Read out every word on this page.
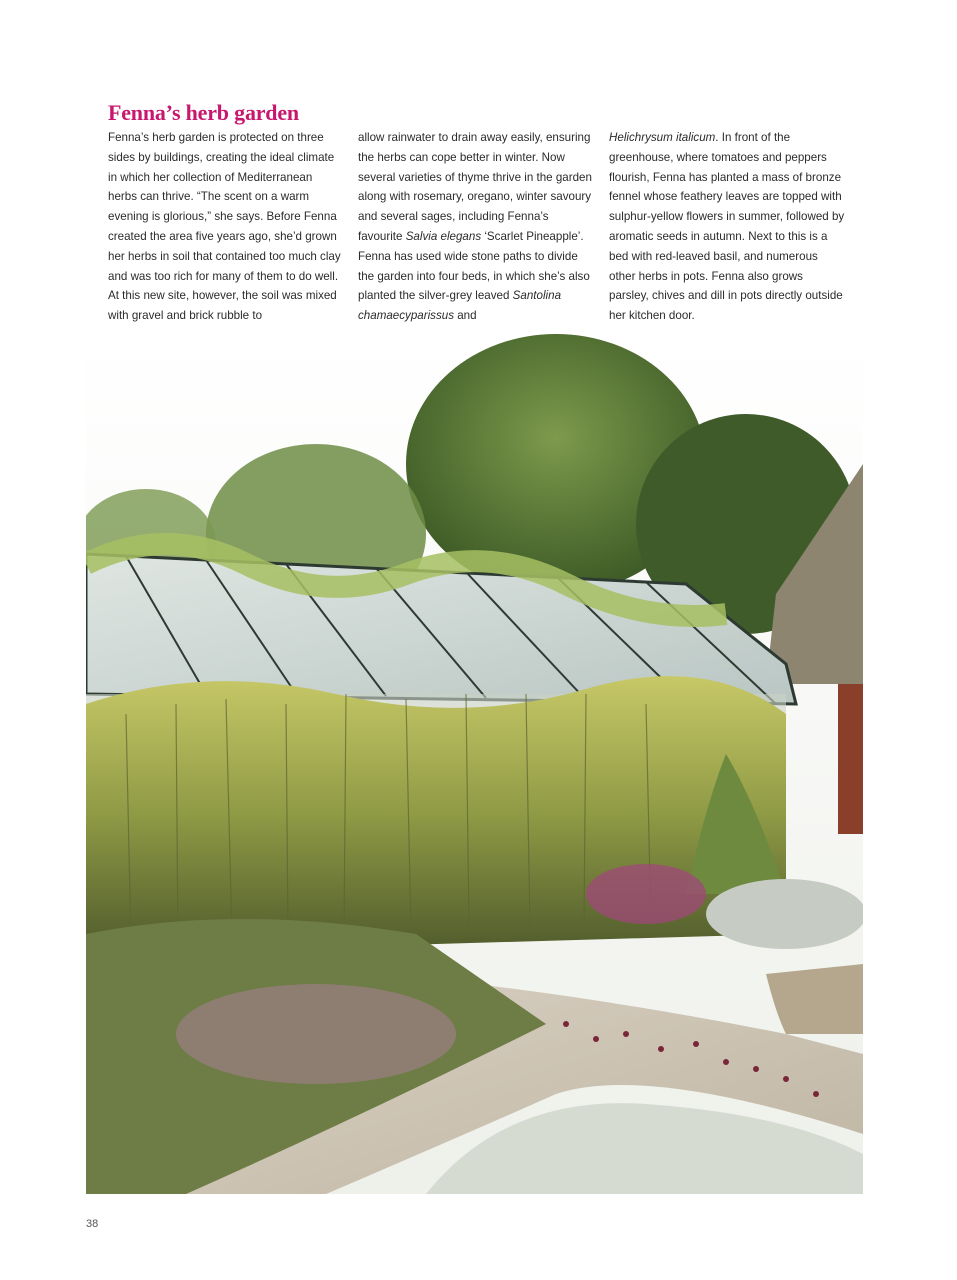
Fenna’s herb garden

Fenna’s herb garden is protected on three sides by buildings, creating the ideal climate in which her collection of Mediterranean herbs can thrive. “The scent on a warm evening is glorious,” she says. Before Fenna created the area five years ago, she’d grown her herbs in soil that contained too much clay and was too rich for many of them to do well. At this new site, however, the soil was mixed with gravel and brick rubble to

allow rainwater to drain away easily, ensuring the herbs can cope better in winter. Now several varieties of thyme thrive in the garden along with rosemary, oregano, winter savoury and several sages, including Fenna’s favourite Salvia elegans ‘Scarlet Pineapple’. Fenna has used wide stone paths to divide the garden into four beds, in which she’s also planted the silver-grey leaved Santolina chamaecyparissus and

Helichrysum italicum. In front of the greenhouse, where tomatoes and peppers flourish, Fenna has planted a mass of bronze fennel whose feathery leaves are topped with sulphur-yellow flowers in summer, followed by aromatic seeds in autumn. Next to this is a bed with red-leaved basil, and numerous other herbs in pots. Fenna also grows parsley, chives and dill in pots directly outside her kitchen door.

38
